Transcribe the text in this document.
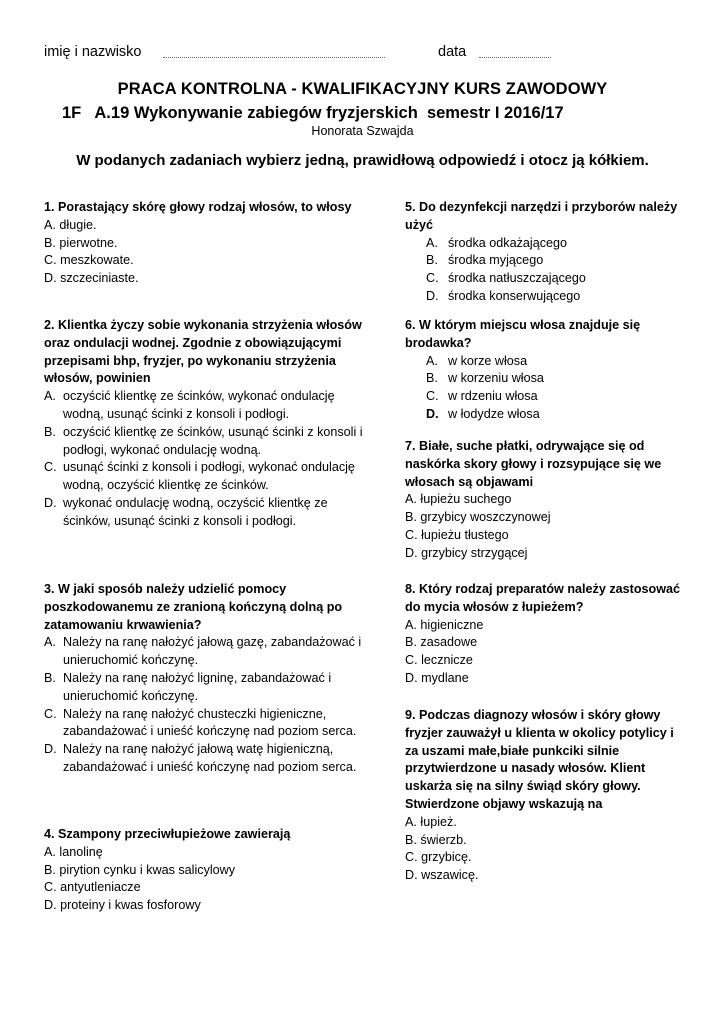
imię i nazwisko	data
PRACA KONTROLNA - KWALIFIKACYJNY KURS ZAWODOWY
1F   A.19 Wykonywanie zabiegów fryzjerskich  semestr I 2016/17
Honorata Szwajda
W podanych zadaniach wybierz jedną, prawidłową odpowiedź i otocz ją kółkiem.
1. Porastający skórę głowy rodzaj włosów, to włosy
A. długie.
B. pierwotne.
C. meszkowate.
D. szczeciniaste.
2. Klientka życzy sobie wykonania strzyżenia włosów oraz ondulacji wodnej. Zgodnie z obowiązującymi przepisami bhp, fryzjer, po wykonaniu strzyżenia włosów, powinien
A. oczyścić klientkę ze ścinków, wykonać ondulację wodną, usunąć ścinki z konsoli i podłogi.
B. oczyścić klientkę ze ścinków, usunąć ścinki z konsoli i podłogi, wykonać ondulację wodną.
C. usunąć ścinki z konsoli i podłogi, wykonać ondulację wodną, oczyścić klientkę ze ścinków.
D. wykonać ondulację wodną, oczyścić klientkę ze ścinków, usunąć ścinki z konsoli i podłogi.
3. W jaki sposób należy udzielić pomocy poszkodowanemu ze zranioną kończyną dolną po zatamowaniu krwawienia?
A. Należy na ranę nałożyć jałową gazę, zabandażować i unieruchomić kończynę.
B. Należy na ranę nałożyć ligninę, zabandażować i unieruchomić kończynę.
C. Należy na ranę nałożyć chusteczki higieniczne, zabandażować i unieść kończynę nad poziom serca.
D. Należy na ranę nałożyć jałową watę higieniczną, zabandażować i unieść kończynę nad poziom serca.
4. Szampony przeciwłupieżowe zawierają
A. lanolinę
B. pirytion cynku i kwas salicylowy
C. antyutleniacze
D. proteiny i kwas fosforowy
5. Do dezynfekcji narzędzi i przyborów należy użyć
A. środka odkażającego
B. środka myjącego
C. środka natłuszczającego
D. środka konserwującego
6. W którym miejscu włosa znajduje się brodawka?
A. w korze włosa
B. w korzeniu włosa
C. w rdzeniu włosa
D. w łodydze włosa
7. Białe, suche płatki, odrywające się od naskórka skory głowy i rozsypujące się we włosach są objawami
A. łupieżu suchego
B. grzybicy woszczynowej
C. łupieżu tłustego
D. grzybicy strzygącej
8. Który rodzaj preparatów należy zastosować do mycia włosów z łupieżem?
A. higieniczne
B. zasadowe
C. lecznicze
D. mydlane
9. Podczas diagnozy włosów i skóry głowy fryzjer zauważył u klienta w okolicy potylicy i za uszami małe,białe punkciki silnie przytwierdzone u nasady włosów. Klient uskarża się na silny świąd skóry głowy. Stwierdzone objawy wskazują na
A. łupież.
B. świerzb.
C. grzybicę.
D. wszawicę.
